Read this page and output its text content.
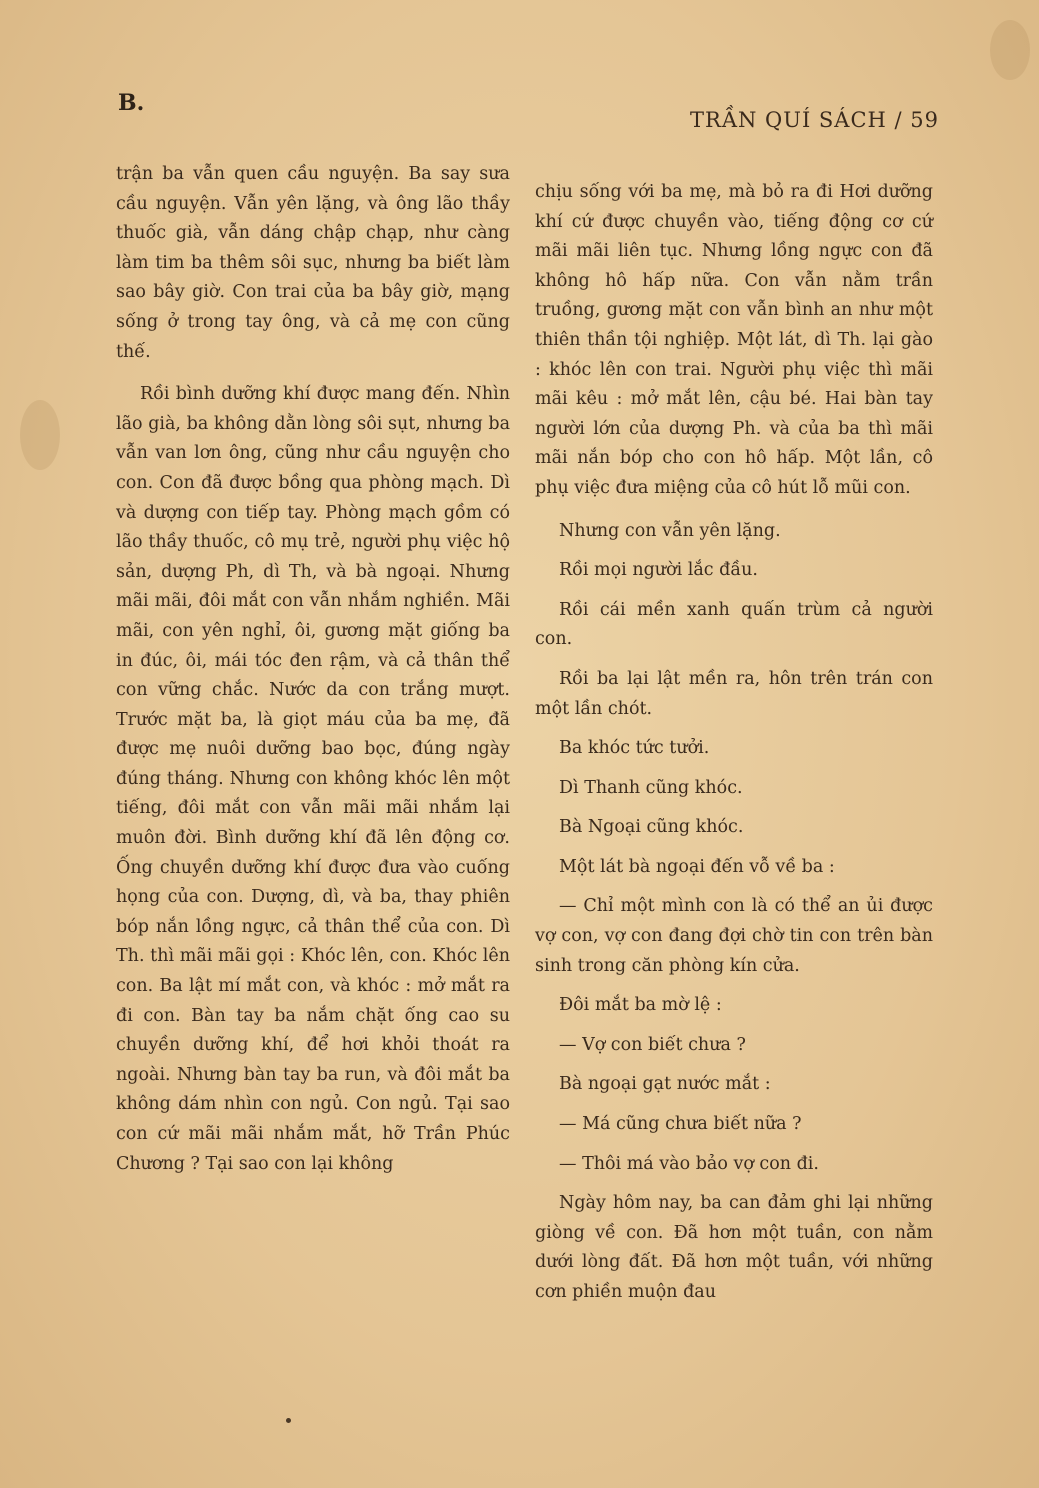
B.
TRẦN QUÍ SÁCH / 59

trận ba vẫn quen cầu nguyện. Ba say sưa cầu nguyện. Vẫn yên lặng, và ông lão thầy thuốc già, vẫn dáng chập chạp, như càng làm tim ba thêm sôi sục, nhưng ba biết làm sao bây giờ. Con trai của ba bây giờ, mạng sống ở trong tay ông, và cả mẹ con cũng thế.

Rồi bình dưỡng khí được mang đến. Nhìn lão già, ba không dằn lòng sôi sụt, nhưng ba vẫn van lơn ông, cũng như cầu nguyện cho con. Con đã được bồng qua phòng mạch. Dì và dượng con tiếp tay. Phòng mạch gồm có lão thầy thuốc, cô mụ trẻ, người phụ việc hộ sản, dượng Ph, dì Th, và bà ngoại. Nhưng mãi mãi, đôi mắt con vẫn nhắm nghiền. Mãi mãi, con yên nghỉ, ôi, gương mặt giống ba in đúc, ôi, mái tóc đen rậm, và cả thân thể con vững chắc. Nước da con trắng mượt. Trước mặt ba, là giọt máu của ba mẹ, đã được mẹ nuôi dưỡng bao bọc, đúng ngày đúng tháng. Nhưng con không khóc lên một tiếng, đôi mắt con vẫn mãi mãi nhắm lại muôn đời. Bình dưỡng khí đã lên động cơ. Ống chuyền dưỡng khí được đưa vào cuống họng của con. Dượng, dì, và ba, thay phiên bóp nắn lồng ngực, cả thân thể của con. Dì Th. thì mãi mãi gọi : Khóc lên, con. Khóc lên con. Ba lật mí mắt con, và khóc : mở mắt ra đi con. Bàn tay ba nắm chặt ống cao su chuyền dưỡng khí, để hơi khỏi thoát ra ngoài. Nhưng bàn tay ba run, và đôi mắt ba không dám nhìn con ngủ. Con ngủ. Tại sao con cứ mãi mãi nhắm mắt, hỡ Trần Phúc Chương ? Tại sao con lại không

chịu sống với ba mẹ, mà bỏ ra đi Hơi dưỡng khí cứ được chuyền vào, tiếng động cơ cứ mãi mãi liên tục. Nhưng lồng ngực con đã không hô hấp nữa. Con vẫn nằm trần truồng, gương mặt con vẫn bình an như một thiên thần tội nghiệp. Một lát, dì Th. lại gào : khóc lên con trai. Người phụ việc thì mãi mãi kêu : mở mắt lên, cậu bé. Hai bàn tay người lớn của dượng Ph. và của ba thì mãi mãi nắn bóp cho con hô hấp. Một lần, cô phụ việc đưa miệng của cô hút lỗ mũi con.

Nhưng con vẫn yên lặng.

Rồi mọi người lắc đầu.

Rồi cái mền xanh quấn trùm cả người con.

Rồi ba lại lật mền ra, hôn trên trán con một lần chót.

Ba khóc tức tưởi.

Dì Thanh cũng khóc.

Bà Ngoại cũng khóc.

Một lát bà ngoại đến vỗ về ba :

— Chỉ một mình con là có thể an ủi được vợ con, vợ con đang đợi chờ tin con trên bàn sinh trong căn phòng kín cửa.

Đôi mắt ba mờ lệ :

— Vợ con biết chưa ?

Bà ngoại gạt nước mắt :

— Má cũng chưa biết nữa ?

— Thôi má vào bảo vợ con đi.

Ngày hôm nay, ba can đảm ghi lại những giòng về con. Đã hơn một tuần, con nằm dưới lòng đất. Đã hơn một tuần, với những cơn phiền muộn đau
